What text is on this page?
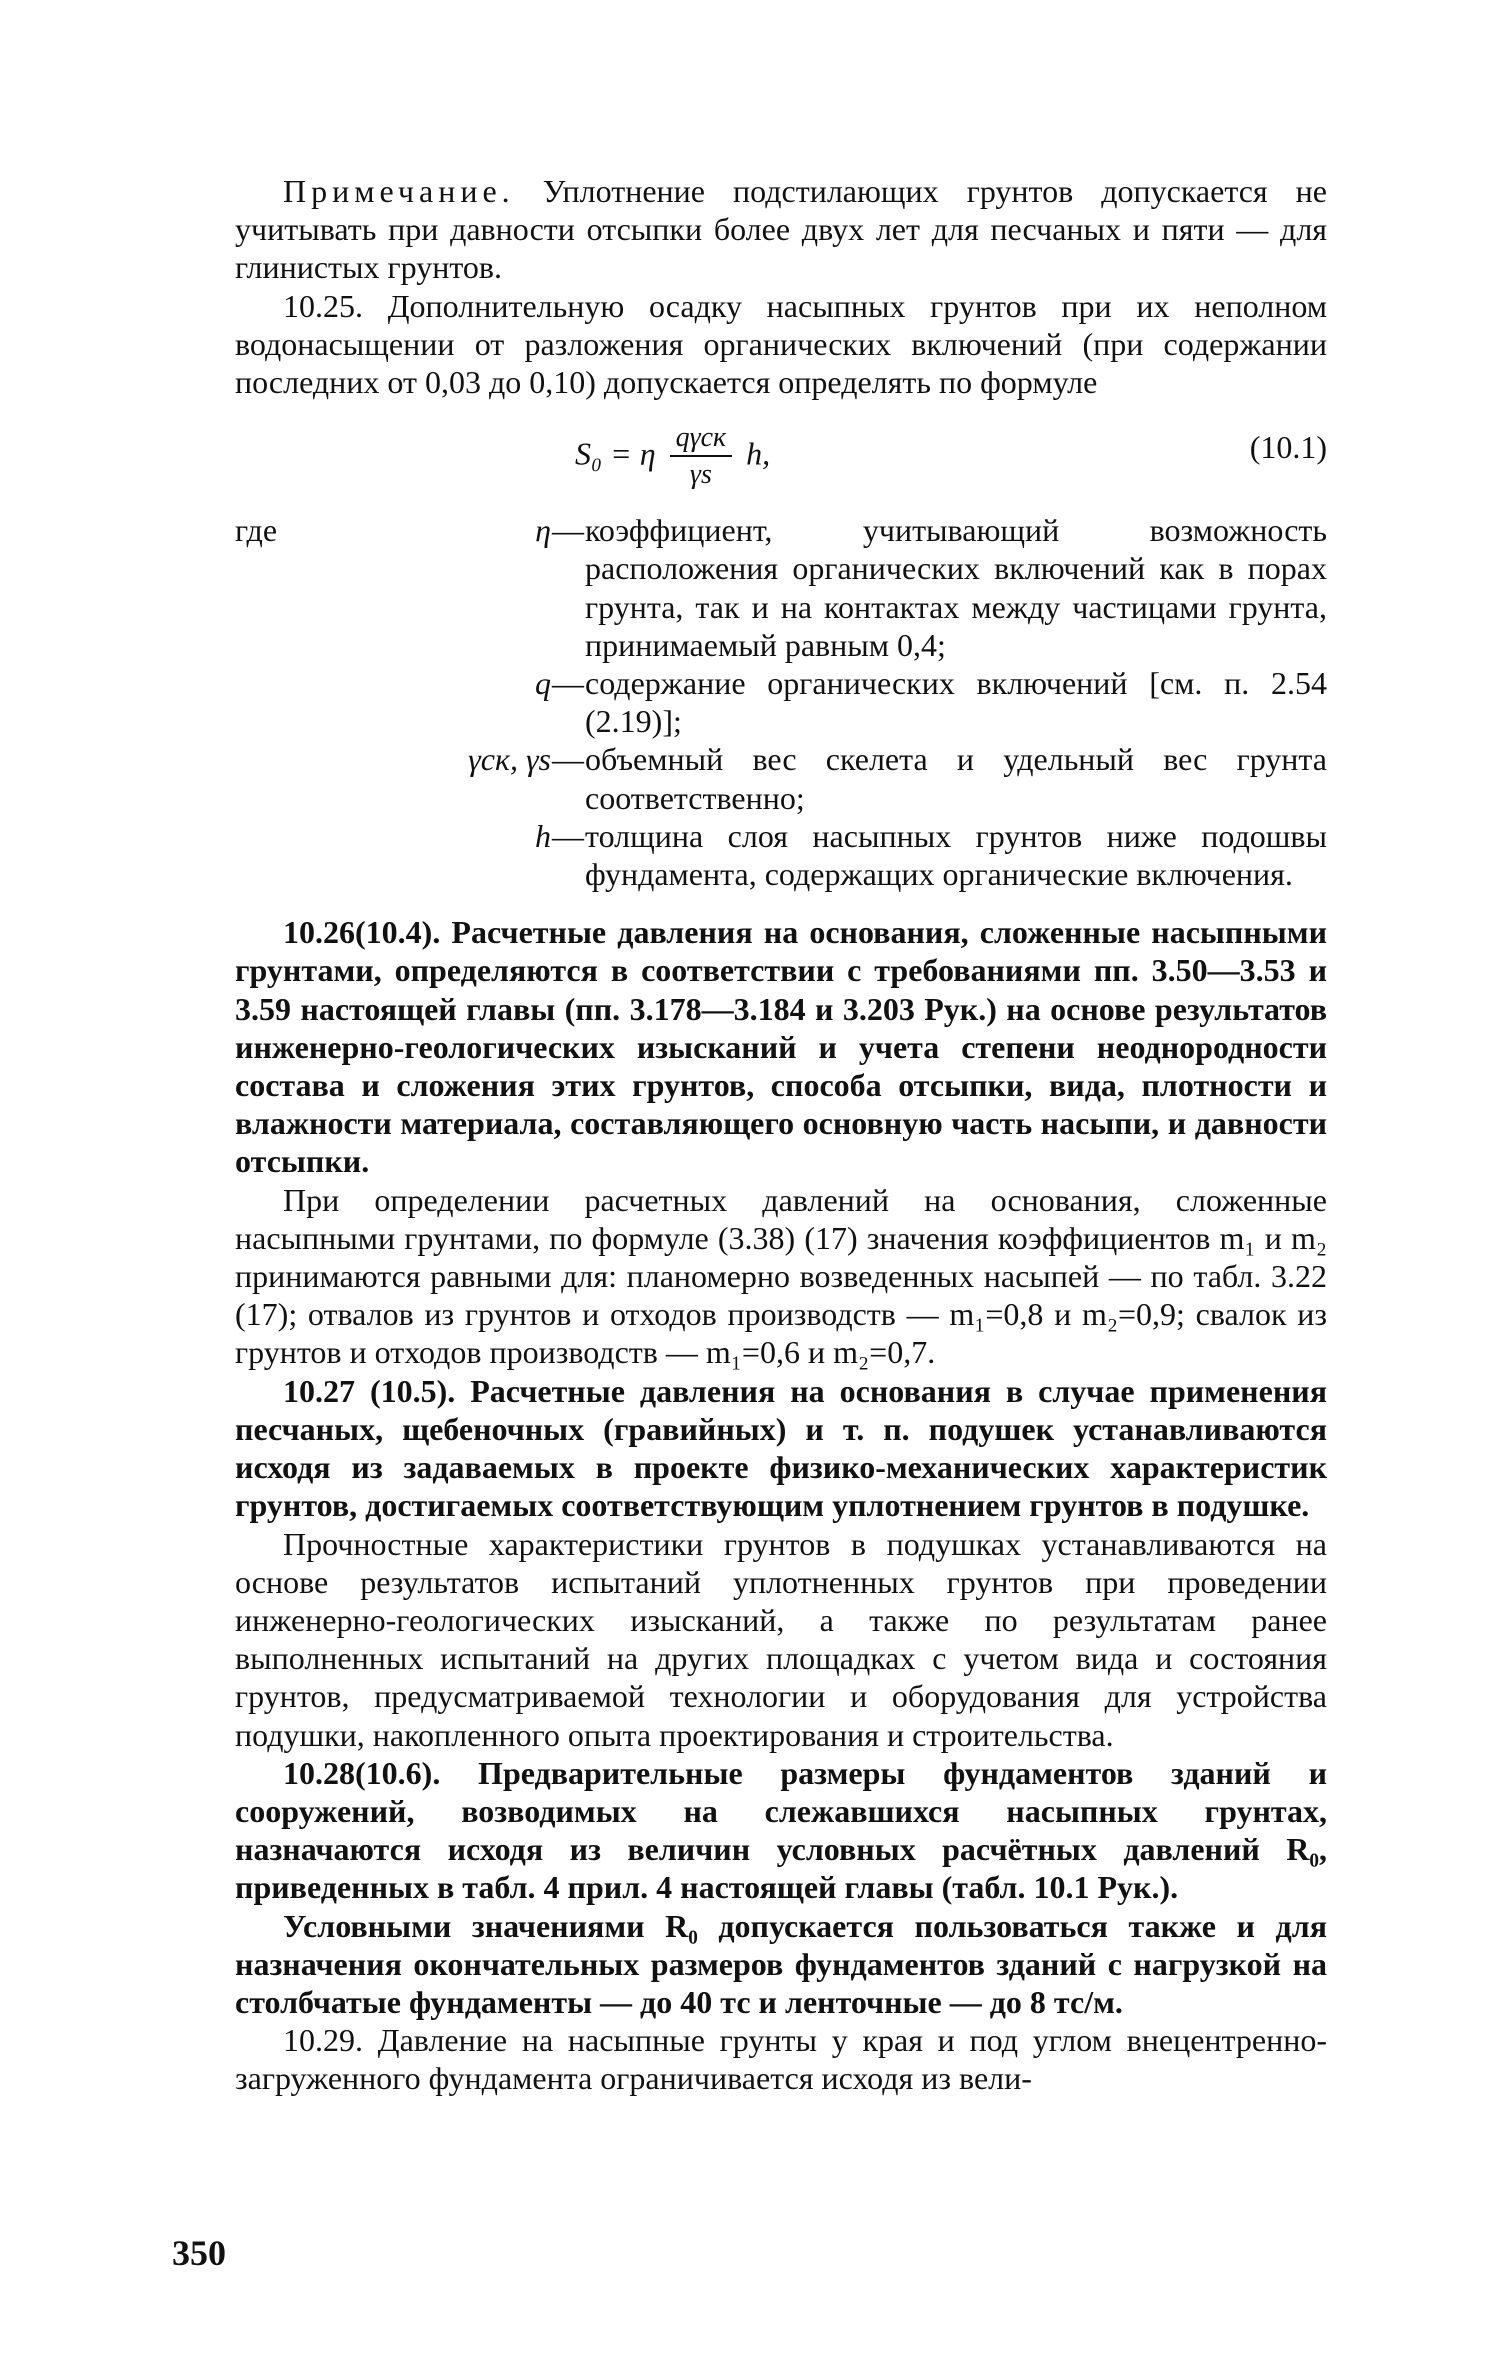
Примечание. Уплотнение подстилающих грунтов допускается не учитывать при давности отсыпки более двух лет для песчаных и пяти — для глинистых грунтов.

10.25. Дополнительную осадку насыпных грунтов при их неполном водонасыщении от разложения органических включений (при содержании последних от 0,03 до 0,10) допускается определять по формуле

S₀ = η $\frac{\text{qγск}}{\gamma s} h$,	(10.1)
где	η — коэффициент, учитывающий возможность расположения органических включений как в порах грунта, так и на контактах между частицами грунта, принимаемый равным 0,4;
q — содержание органических включений [см. п. 2.54 (2.19)];
γск, γs — объемный вес скелета и удельный вес грунта соответственно;
h — толщина слоя насыпных грунтов ниже подошвы фундамента, содержащих органические включения.

10.26(10.4). Расчетные давления на основания, сложенные насыпными грунтами, определяются в соответствии с требованиями пп. 3.50—3.53 и 3.59 настоящей главы (пп. 3.178—3.184 и 3.203 Рук.) на основе результатов инженерно-геологических изысканий и учета степени неоднородности состава и сложения этих грунтов, способа отсыпки, вида, плотности и влажности материала, составляющего основную часть насыпи, и давности отсыпки.

При определении расчетных давлений на основания, сложенные насыпными грунтами, по формуле (3.38) (17) значения коэффициентов m₁ и m₂ принимаются равными для: планомерно возведенных насыпей — по табл. 3.22 (17); отвалов из грунтов и отходов производств — m₁=0,8 и m₂=0,9; свалок из грунтов и отходов производств — m₁=0,6 и m₂=0,7.

10.27 (10.5). Расчетные давления на основания в случае применения песчаных, щебеночных (гравийных) и т. п. подушек устанавливаются исходя из задаваемых в проекте физико-механических характеристик грунтов, достигаемых соответствующим уплотнением грунтов в подушке.

Прочностные характеристики грунтов в подушках устанавливаются на основе результатов испытаний уплотненных грунтов при проведении инженерно-геологических изысканий, а также по результатам ранее выполненных испытаний на других площадках с учетом вида и состояния грунтов, предусматриваемой технологии и оборудования для устройства подушки, накопленного опыта проектирования и строительства.

10.28(10.6). Предварительные размеры фундаментов зданий и сооружений, возводимых на слежавшихся насыпных грунтах, назначаются исходя из величин условных расчётных давлений R₀, приведенных в табл. 4 прил. 4 настоящей главы (табл. 10.1 Рук.).

Условными значениями R₀ допускается пользоваться также и для назначения окончательных размеров фундаментов зданий с нагрузкой на столбчатые фундаменты — до 40 тс и ленточные — до 8 тс/м.

10.29. Давление на насыпные грунты у края и под углом внецентренно-загруженного фундамента ограничивается исходя из вели-

350
